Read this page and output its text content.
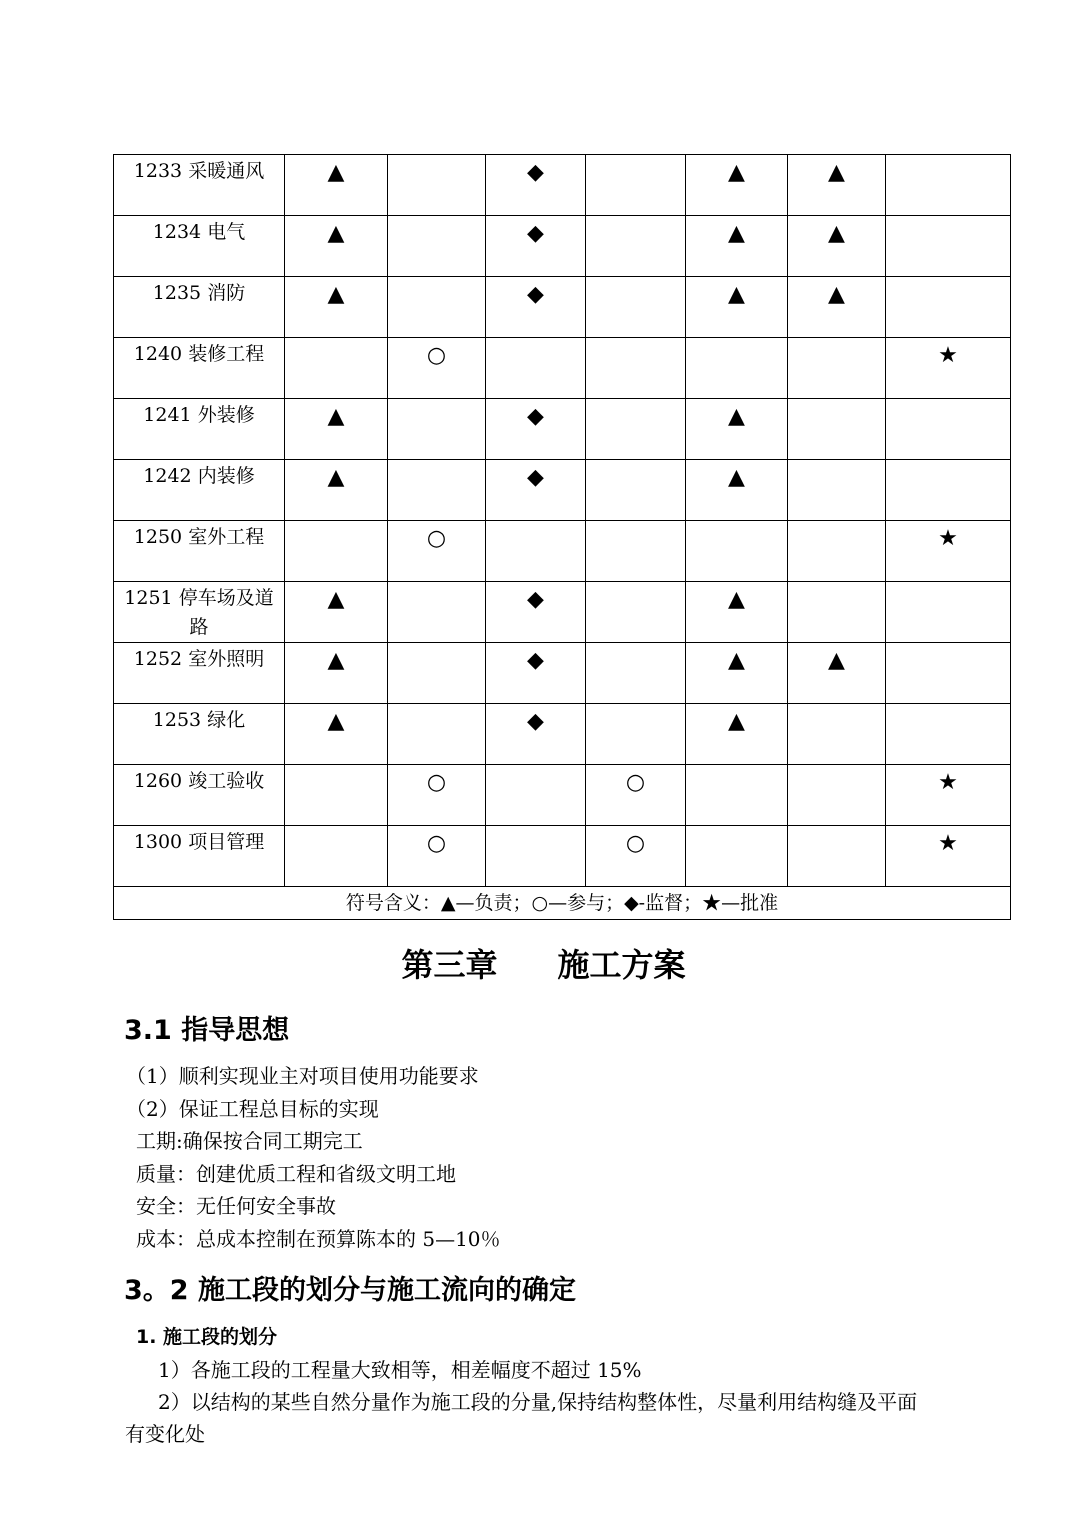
1233 采暖通风	▲		◆		▲	▲	
1234 电气	▲		◆		▲	▲	
1235 消防	▲		◆		▲	▲	
1240 装修工程		○					★
1241 外装修	▲		◆		▲		
1242 内装修	▲		◆		▲		
1250 室外工程		○					★
1251 停车场及道路	▲		◆		▲		
1252 室外照明	▲		◆		▲	▲	
1253 绿化	▲		◆		▲		
1260 竣工验收		○		○			★
1300 项目管理		○		○			★
符号含义：▲—负责；○—参与；◆-监督；★—批准							
第三章 施工方案
3.1 指导思想
（1）顺利实现业主对项目使用功能要求
（2）保证工程总目标的实现
工期:确保按合同工期完工
质量：创建优质工程和省级文明工地
安全：无任何安全事故
成本：总成本控制在预算陈本的 5—10％
3。2 施工段的划分与施工流向的确定
1. 施工段的划分
1）各施工段的工程量大致相等，相差幅度不超过 15%
2）以结构的某些自然分量作为施工段的分量,保持结构整体性，尽量利用结构缝及平面
有变化处
